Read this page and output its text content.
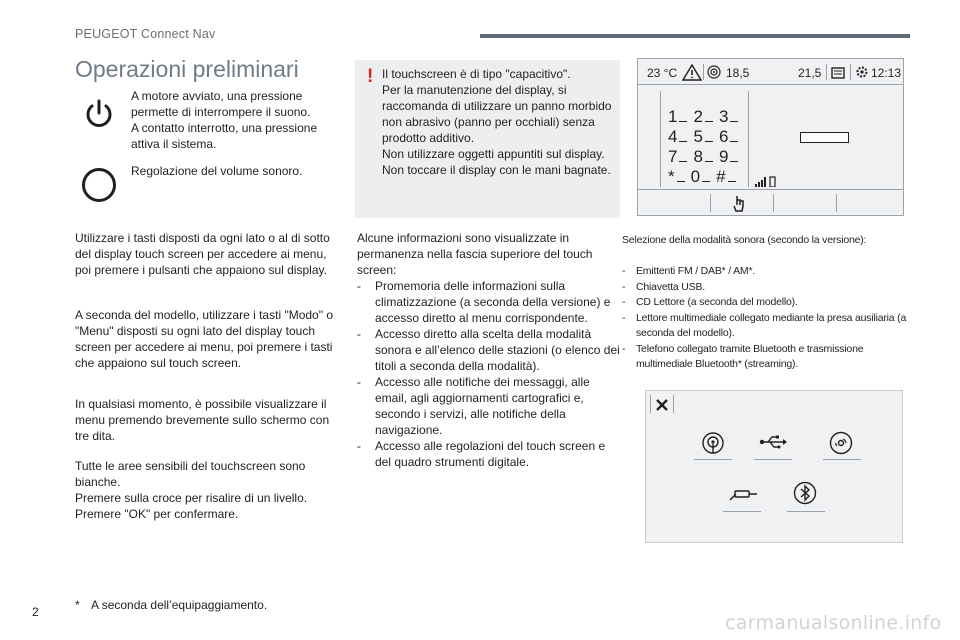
PEUGEOT Connect Nav
Operazioni preliminari
A motore avviato, una pressione permette di interrompere il suono.
A contatto interrotto, una pressione attiva il sistema.
Regolazione del volume sonoro.
Utilizzare i tasti disposti da ogni lato o al di sotto del display touch screen per accedere ai menu, poi premere i pulsanti che appaiono sul display.
A seconda del modello, utilizzare i tasti "Modo" o "Menu" disposti su ogni lato del display touch screen per accedere ai menu, poi premere i tasti che appaiono sul touch screen.
In qualsiasi momento, è possibile visualizzare il menu premendo brevemente sullo schermo con tre dita.
Tutte le aree sensibili del touchscreen sono bianche.
Premere sulla croce per risalire di un livello.
Premere "OK" per confermare.
* A seconda dell’equipaggiamento.
! Il touchscreen è di tipo "capacitivo".
Per la manutenzione del display, si raccomanda di utilizzare un panno morbido non abrasivo (panno per occhiali) senza prodotto additivo.
Non utilizzare oggetti appuntiti sul display.
Non toccare il display con le mani bagnate.
Alcune informazioni sono visualizzate in permanenza nella fascia superiore del touch screen:
- Promemoria delle informazioni sulla climatizzazione (a seconda della versione) e accesso diretto al menu corrispondente.
- Accesso diretto alla scelta della modalità sonora e all’elenco delle stazioni (o elenco dei titoli a seconda della modalità).
- Accesso alle notifiche dei messaggi, alle email, agli aggiornamenti cartografici e, secondo i servizi, alle notifiche della navigazione.
- Accesso alle regolazioni del touch screen e del quadro strumenti digitale.
23 °C	18,5	21,5	12:13
1 2 3
4 5 6
7 8 9
* 0 #
Selezione della modalità sonora (secondo la versione):
- Emittenti FM / DAB* / AM*.
- Chiavetta USB.
- CD Lettore (a seconda del modello).
- Lettore multimediale collegato mediante la presa ausiliaria (a seconda del modello).
- Telefono collegato tramite Bluetooth e trasmissione multimediale Bluetooth* (streaming).
2	carmanualsonline.info
